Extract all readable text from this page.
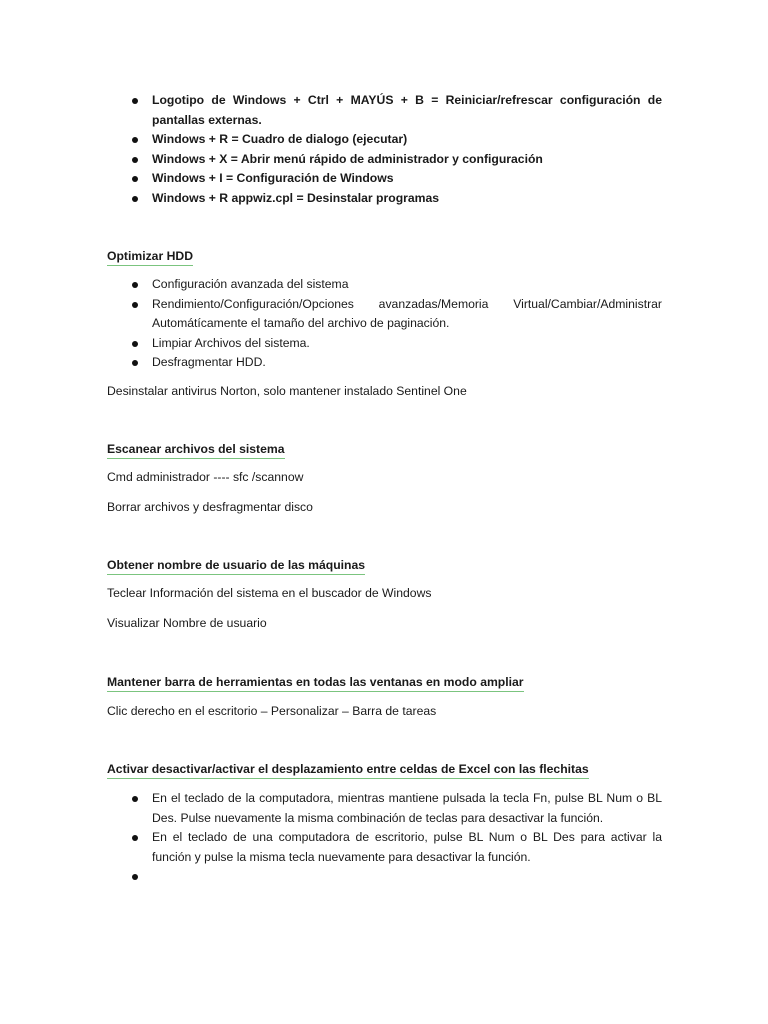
Logotipo de Windows + Ctrl + MAYÚS + B = Reiniciar/refrescar configuración de pantallas externas.
Windows + R = Cuadro de dialogo (ejecutar)
Windows + X = Abrir menú rápido de administrador y configuración
Windows + I = Configuración de Windows
Windows + R appwiz.cpl = Desinstalar programas
Optimizar HDD
Configuración avanzada del sistema
Rendimiento/Configuración/Opciones avanzadas/Memoria Virtual/Cambiar/Administrar Automátícamente el tamaño del archivo de paginación.
Limpiar Archivos del sistema.
Desfragmentar HDD.

Desinstalar antivirus Norton, solo mantener instalado Sentinel One

Escanear archivos del sistema

Cmd administrador ---- sfc /scannow

Borrar archivos y desfragmentar disco

Obtener nombre de usuario de las máquinas

Teclear Información del sistema en el buscador de Windows

Visualizar Nombre de usuario

Mantener barra de herramientas en todas las ventanas en modo ampliar

Clic derecho en el escritorio – Personalizar – Barra de tareas

Activar desactivar/activar el desplazamiento entre celdas de Excel con las flechitas
En el teclado de la computadora, mientras mantiene pulsada la tecla Fn, pulse BL Num o BL Des. Pulse nuevamente la misma combinación de teclas para desactivar la función.
En el teclado de una computadora de escritorio, pulse BL Num o BL Des para activar la función y pulse la misma tecla nuevamente para desactivar la función.
